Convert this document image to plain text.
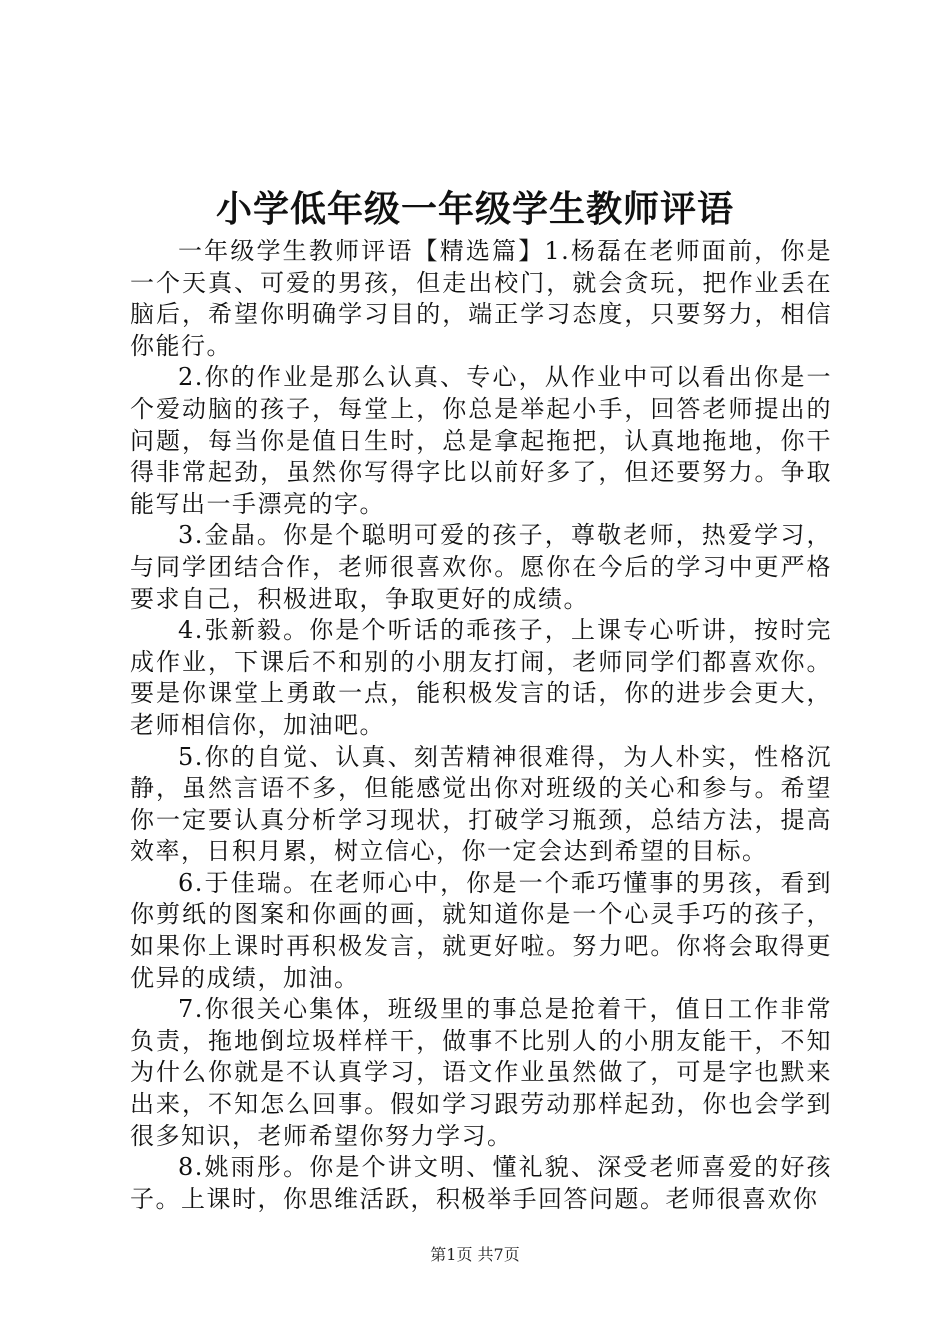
小学低年级一年级学生教师评语

一年级学生教师评语【精选篇】1.杨磊在老师面前，你是一个天真、可爱的男孩，但走出校门，就会贪玩，把作业丢在脑后，希望你明确学习目的，端正学习态度，只要努力，相信你能行。

2.你的作业是那么认真、专心，从作业中可以看出你是一个爱动脑的孩子，每堂上，你总是举起小手，回答老师提出的问题，每当你是值日生时，总是拿起拖把，认真地拖地，你干得非常起劲，虽然你写得字比以前好多了，但还要努力。争取能写出一手漂亮的字。

3.金晶。你是个聪明可爱的孩子，尊敬老师，热爱学习，与同学团结合作，老师很喜欢你。愿你在今后的学习中更严格要求自己，积极进取，争取更好的成绩。

4.张新毅。你是个听话的乖孩子，上课专心听讲，按时完成作业，下课后不和别的小朋友打闹，老师同学们都喜欢你。要是你课堂上勇敢一点，能积极发言的话，你的进步会更大，老师相信你，加油吧。

5.你的自觉、认真、刻苦精神很难得，为人朴实，性格沉静，虽然言语不多，但能感觉出你对班级的关心和参与。希望你一定要认真分析学习现状，打破学习瓶颈，总结方法，提高效率，日积月累，树立信心，你一定会达到希望的目标。

6.于佳瑞。在老师心中，你是一个乖巧懂事的男孩，看到你剪纸的图案和你画的画，就知道你是一个心灵手巧的孩子，如果你上课时再积极发言，就更好啦。努力吧。你将会取得更优异的成绩，加油。

7.你很关心集体，班级里的事总是抢着干，值日工作非常负责，拖地倒垃圾样样干，做事不比别人的小朋友能干，不知为什么你就是不认真学习，语文作业虽然做了，可是字也默来出来，不知怎么回事。假如学习跟劳动那样起劲，你也会学到很多知识，老师希望你努力学习。

8.姚雨彤。你是个讲文明、懂礼貌、深受老师喜爱的好孩子。上课时，你思维活跃，积极举手回答问题。老师很喜欢你

第1页 共7页
